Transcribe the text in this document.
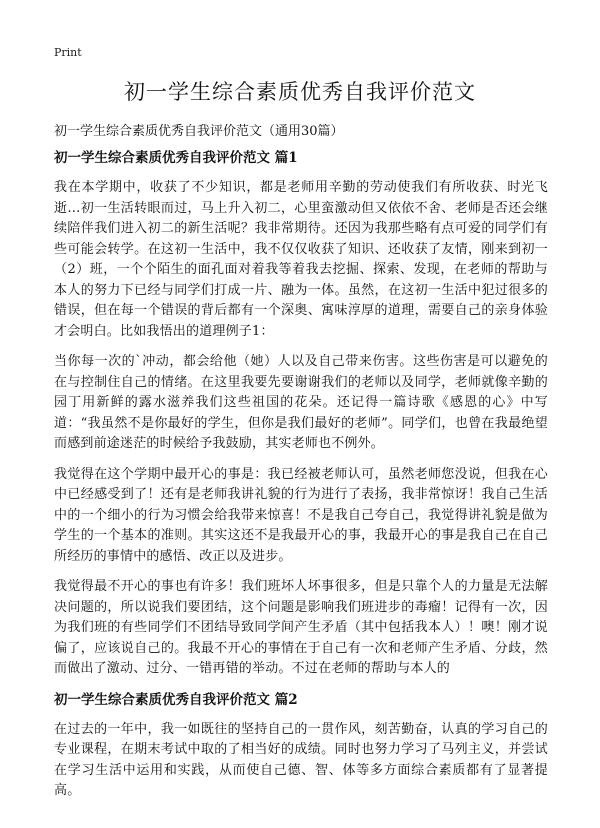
Print
初一学生综合素质优秀自我评价范文

初一学生综合素质优秀自我评价范文（通用30篇）

初一学生综合素质优秀自我评价范文 篇1

我在本学期中，收获了不少知识，都是老师用辛勤的劳动使我们有所收获、时光飞逝…初一生活转眼而过，马上升入初二，心里蛮激动但又依依不舍、老师是否还会继续陪伴我们进入初二的新生活呢？我非常期待。还因为我那些略有点可爱的同学们有些可能会转学。在这初一生活中，我不仅仅收获了知识、还收获了友情，刚来到初一（2）班，一个个陌生的面孔面对着我等着我去挖掘、探索、发现，在老师的帮助与本人的努力下已经与同学们打成一片、融为一体。虽然，在这初一生活中犯过很多的错误，但在每一个错误的背后都有一个深奥、寓味淳厚的道理，需要自己的亲身体验才会明白。比如我悟出的道理例子1：

当你每一次的`冲动，都会给他（她）人以及自己带来伤害。这些伤害是可以避免的在与控制住自己的情绪。在这里我要先要谢谢我们的老师以及同学，老师就像辛勤的园丁用新鲜的露水滋养我们这些祖国的花朵。还记得一篇诗歌《感恩的心》中写道：“我虽然不是你最好的学生，但你是我们最好的老师”。同学们，也曾在我最绝望而感到前途迷茫的时候给予我鼓励，其实老师也不例外。

我觉得在这个学期中最开心的事是：我已经被老师认可，虽然老师您没说，但我在心中已经感受到了！还有是老师我讲礼貌的行为进行了表扬，我非常惊讶！我自己生活中的一个细小的行为习惯会给我带来惊喜！不是我自己夸自己，我觉得讲礼貌是做为学生的一个基本的准则。其实这还不是我最开心的事，我最开心的事是我自己在自己所经历的事情中的感悟、改正以及进步。

我觉得最不开心的事也有许多！我们班坏人坏事很多，但是只靠个人的力量是无法解决问题的，所以说我们要团结，这个问题是影响我们班进步的毒瘤！记得有一次，因为我们班的有些同学们不团结导致同学间产生矛盾（其中包括我本人）！噢！刚才说偏了，应该说自己的。我最不开心的事情在于自己有一次和老师产生矛盾、分歧，然而做出了激动、过分、一错再错的举动。不过在老师的帮助与本人的

初一学生综合素质优秀自我评价范文 篇2

在过去的一年中，我一如既往的坚持自己的一贯作风，刻苦勤奋，认真的学习自己的专业课程，在期末考试中取的了相当好的成绩。同时也努力学习了马列主义，并尝试在学习生活中运用和实践，从而使自己德、智、体等多方面综合素质都有了显著提高。
